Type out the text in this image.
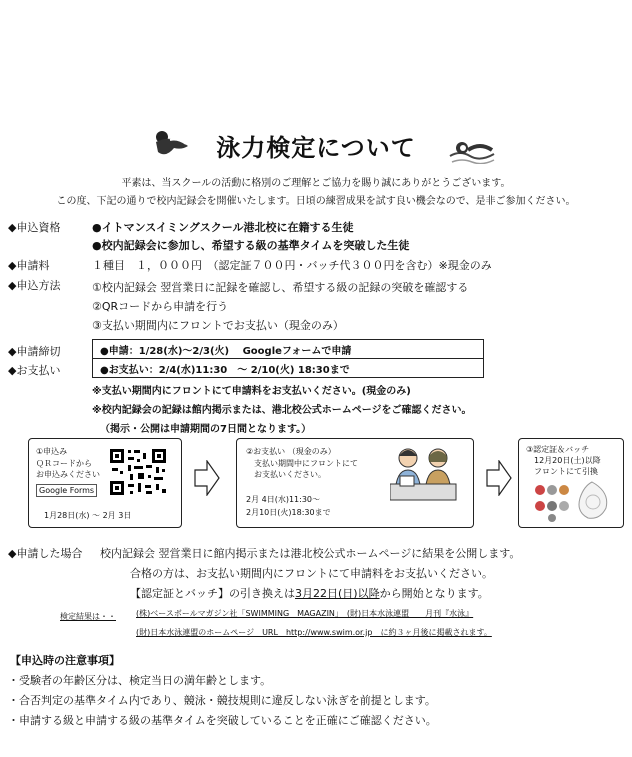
泳力検定について
平素は、当スクールの活動に格別のご理解とご協力を賜り誠にありがとうございます。
この度、下記の通りで校内記録会を開催いたします。日頃の練習成果を試す良い機会なので、是非ご参加ください。
◆申込資格	●イトマンスイミングスクール港北校に在籍する生徒
●校内記録会に参加し、希望する級の基準タイムを突破した生徒
◆申請料	１種目　１，０００円　（認定証７００円・バッチ代３００円を含む）※現金のみ
◆申込方法	①校内記録会 翌営業日に記録を確認し、希望する級の記録の突破を確認する
②QRコードから申請を行う
③支払い期間内にフロントでお支払い（現金のみ）
◆申請締切	●申請：1/28(水)～2/3(火)　 Googleフォームで申請
◆お支払い	●お支払い：2/4(水)11:30　～ 2/10(火) 18:30まで
※支払い期間内にフロントにて申請料をお支払いください。(現金のみ)
※校内記録会の記録は館内掲示または、港北校公式ホームページをご確認ください。
（掲示・公開は申請期間の7日間となります。）
①申込み
ＱＲコードから
お申込みください
Google Forms
1月28日(水) ～ 2月 3日
②お支払い （現金のみ）
支払い期間中にフロントにて
お支払いください。
2月 4日(水)11:30～
2月10日(火)18:30まで
③認定証＆バッチ
12月20日(土)以降
フロントにて引換
◆申請した場合 校内記録会 翌営業日に館内掲示または港北校公式ホームページに結果を公開します。
合格の方は、お支払い期間内にフロントにて申請料をお支払いください。
【認定証とバッチ】の引き換えは3月22日(日)以降から開始となります。
検定結果は・・	(株)ベースボールマガジン社「SWIMMING　MAGAZIN」　(財)日本水泳連盟　　月刊『水泳』
(財)日本水泳連盟のホームページ　URL　http://www.swim.or.jp　に約３ヶ月後に掲載されます。
【申込時の注意事項】
・受験者の年齢区分は、検定当日の満年齢とします。
・合否判定の基準タイム内であり、競泳・競技規則に違反しない泳ぎを前提とします。
・申請する級と申請する級の基準タイムを突破していることを正確にご確認ください。
